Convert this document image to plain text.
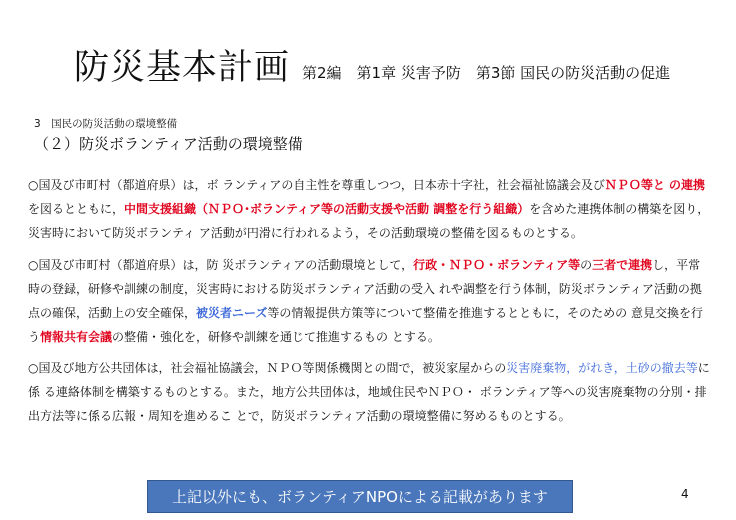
防災基本計画 第2編　第1章 災害予防　第3節 国民の防災活動の促進
3　国民の防災活動の環境整備
（２）防災ボランティア活動の環境整備
○国及び市町村（都道府県）は，ボ ランティアの自主性を尊重しつつ，日本赤十字社，社会福祉協議会及びＮＰＯ等と の連携を図るとともに，中間支援組織（ＮＰＯ･ボランティア等の活動支援や活動 調整を行う組織）を含めた連携体制の構築を図り，災害時において防災ボランティ ア活動が円滑に行われるよう，その活動環境の整備を図るものとする。
○国及び市町村（都道府県）は，防 災ボランティアの活動環境として，行政・ＮＰＯ・ボランティア等の三者で連携し，平常時の登録，研修や訓練の制度，災害時における防災ボランティア活動の受入 れや調整を行う体制，防災ボランティア活動の拠点の確保，活動上の安全確保，被災者ニーズ等の情報提供方策等について整備を推進するとともに，そのための 意見交換を行う情報共有会議の整備・強化を，研修や訓練を通じて推進するもの とする。
○国及び地方公共団体は，社会福祉協議会，ＮＰＯ等関係機関との間で，被災家屋からの災害廃棄物，がれき，土砂の撤去等に係 る連絡体制を構築するものとする。また，地方公共団体は，地域住民やＮＰＯ・ ボランティア等への災害廃棄物の分別・排出方法等に係る広報・周知を進めるこ とで，防災ボランティア活動の環境整備に努めるものとする。
上記以外にも、ボランティアNPOによる記載があります	4
